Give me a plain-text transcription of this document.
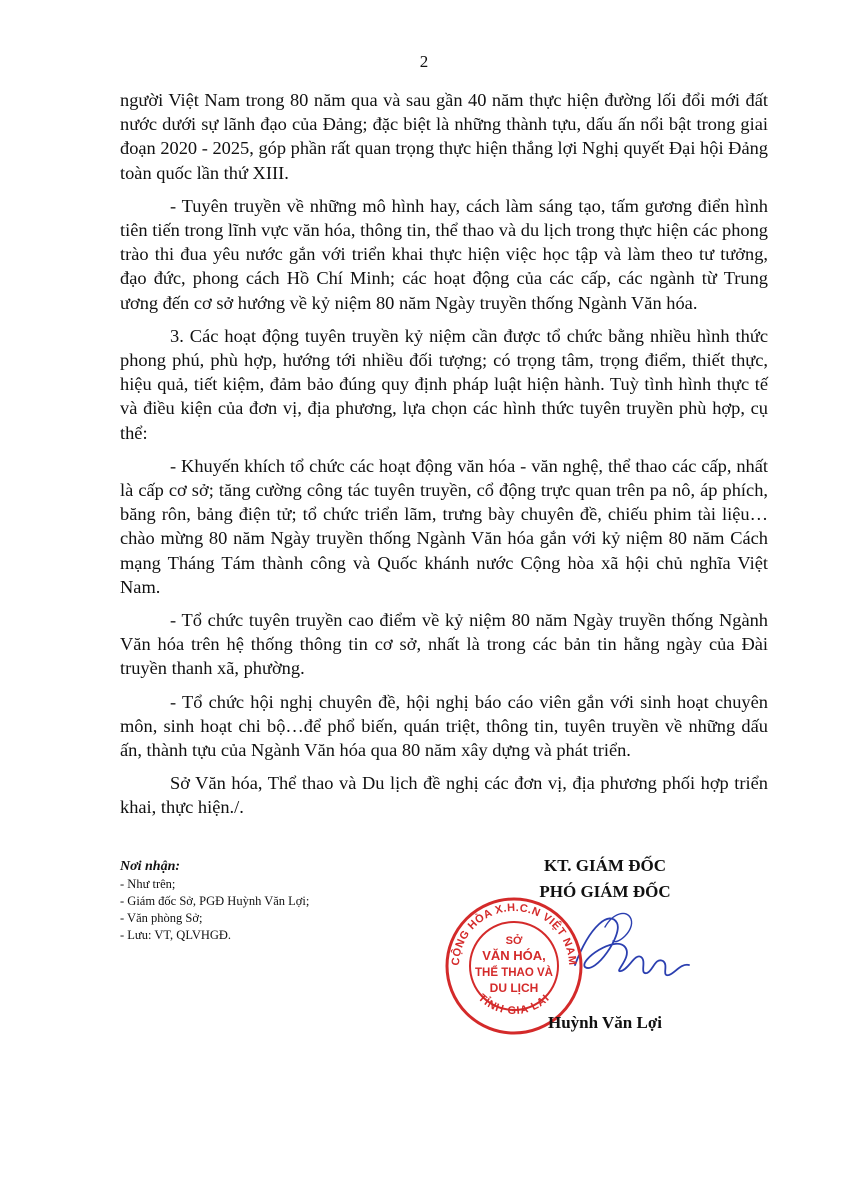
2

người Việt Nam trong 80 năm qua và sau gần 40 năm thực hiện đường lối đổi mới đất nước dưới sự lãnh đạo của Đảng; đặc biệt là những thành tựu, dấu ấn nổi bật trong giai đoạn 2020 - 2025, góp phần rất quan trọng thực hiện thắng lợi Nghị quyết Đại hội Đảng toàn quốc lần thứ XIII.

- Tuyên truyền về những mô hình hay, cách làm sáng tạo, tấm gương điển hình tiên tiến trong lĩnh vực văn hóa, thông tin, thể thao và du lịch trong thực hiện các phong trào thi đua yêu nước gắn với triển khai thực hiện việc học tập và làm theo tư tưởng, đạo đức, phong cách Hồ Chí Minh; các hoạt động của các cấp, các ngành từ Trung ương đến cơ sở hướng về kỷ niệm 80 năm Ngày truyền thống Ngành Văn hóa.

3. Các hoạt động tuyên truyền kỷ niệm cần được tổ chức bằng nhiều hình thức phong phú, phù hợp, hướng tới nhiều đối tượng; có trọng tâm, trọng điểm, thiết thực, hiệu quả, tiết kiệm, đảm bảo đúng quy định pháp luật hiện hành. Tuỳ tình hình thực tế và điều kiện của đơn vị, địa phương, lựa chọn các hình thức tuyên truyền phù hợp, cụ thể:

- Khuyến khích tổ chức các hoạt động văn hóa - văn nghệ, thể thao các cấp, nhất là cấp cơ sở; tăng cường công tác tuyên truyền, cổ động trực quan trên pa nô, áp phích, băng rôn, bảng điện tử; tổ chức triển lãm, trưng bày chuyên đề, chiếu phim tài liệu…chào mừng 80 năm Ngày truyền thống Ngành Văn hóa gắn với kỷ niệm 80 năm Cách mạng Tháng Tám thành công và Quốc khánh nước Cộng hòa xã hội chủ nghĩa Việt Nam.

- Tổ chức tuyên truyền cao điểm về kỷ niệm 80 năm Ngày truyền thống Ngành Văn hóa trên hệ thống thông tin cơ sở, nhất là trong các bản tin hằng ngày của Đài truyền thanh xã, phường.

- Tổ chức hội nghị chuyên đề, hội nghị báo cáo viên gắn với sinh hoạt chuyên môn, sinh hoạt chi bộ…để phổ biến, quán triệt, thông tin, tuyên truyền về những dấu ấn, thành tựu của Ngành Văn hóa qua 80 năm xây dựng và phát triển.

Sở Văn hóa, Thể thao và Du lịch đề nghị các đơn vị, địa phương phối hợp triển khai, thực hiện./.

Nơi nhận:
- Như trên;
- Giám đốc Sở, PGĐ Huỳnh Văn Lợi;
- Văn phòng Sở;
- Lưu: VT, QLVHGĐ.
KT. GIÁM ĐỐC
PHÓ GIÁM ĐỐC
CỘNG HÒA X.H.C.N VIỆT NAM
TỈNH GIA LAI
SỞ
VĂN HÓA,
THỂ THAO VÀ
DU LỊCH
Huỳnh Văn Lợi
